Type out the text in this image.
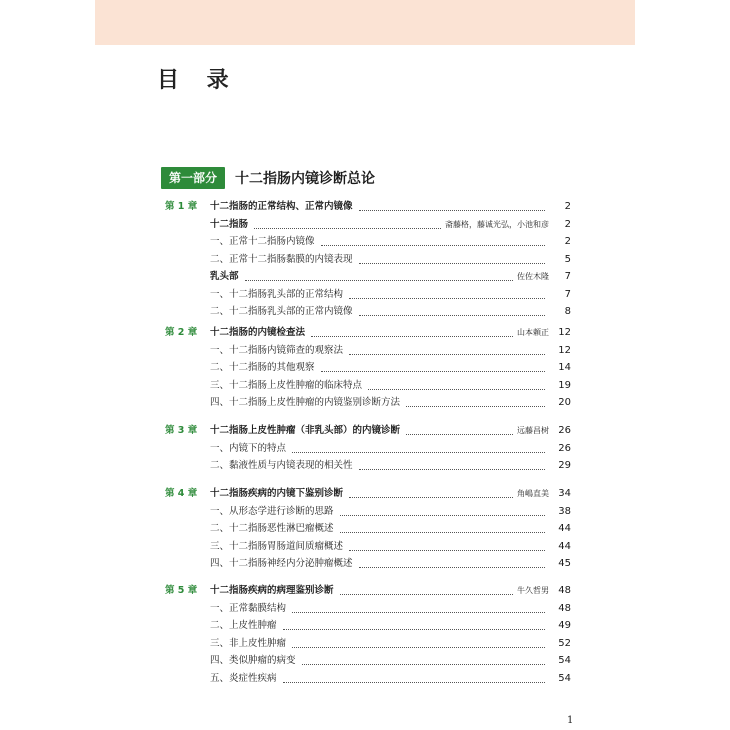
目 录
第一部分	十二指肠内镜诊断总论
第 1 章	十二指肠的正常结构、正常内镜像	2
十二指肠	斋藤格，藤诚光弘，小池和彦	2
一、正常十二指肠内镜像	2
二、正常十二指肠黏膜的内镜表现	5
乳头部	佐佐木隆	7
一、十二指肠乳头部的正常结构	7
二、十二指肠乳头部的正常内镜像	8
第 2 章	十二指肠的内镜检查法	山本頼正 12
一、十二指肠内镜筛查的观察法	12
二、十二指肠的其他观察	14
三、十二指肠上皮性肿瘤的临床特点	19
四、十二指肠上皮性肿瘤的内镜鉴别诊断方法	20
第 3 章	十二指肠上皮性肿瘤（非乳头部）的内镜诊断	远藤昌树 26
一、内镜下的特点	26
二、黏液性质与内镜表现的相关性	29
第 4 章	十二指肠疾病的内镜下鉴别诊断	角嶋直美 34
一、从形态学进行诊断的思路	38
二、十二指肠恶性淋巴瘤概述	44
三、十二指肠胃肠道间质瘤概述	44
四、十二指肠神经内分泌肿瘤概述	45
第 5 章	十二指肠疾病的病理鉴别诊断	牛久哲男 48
一、正常黏膜结构	48
二、上皮性肿瘤	49
三、非上皮性肿瘤	52
四、类似肿瘤的病变	54
五、炎症性疾病	54
1
